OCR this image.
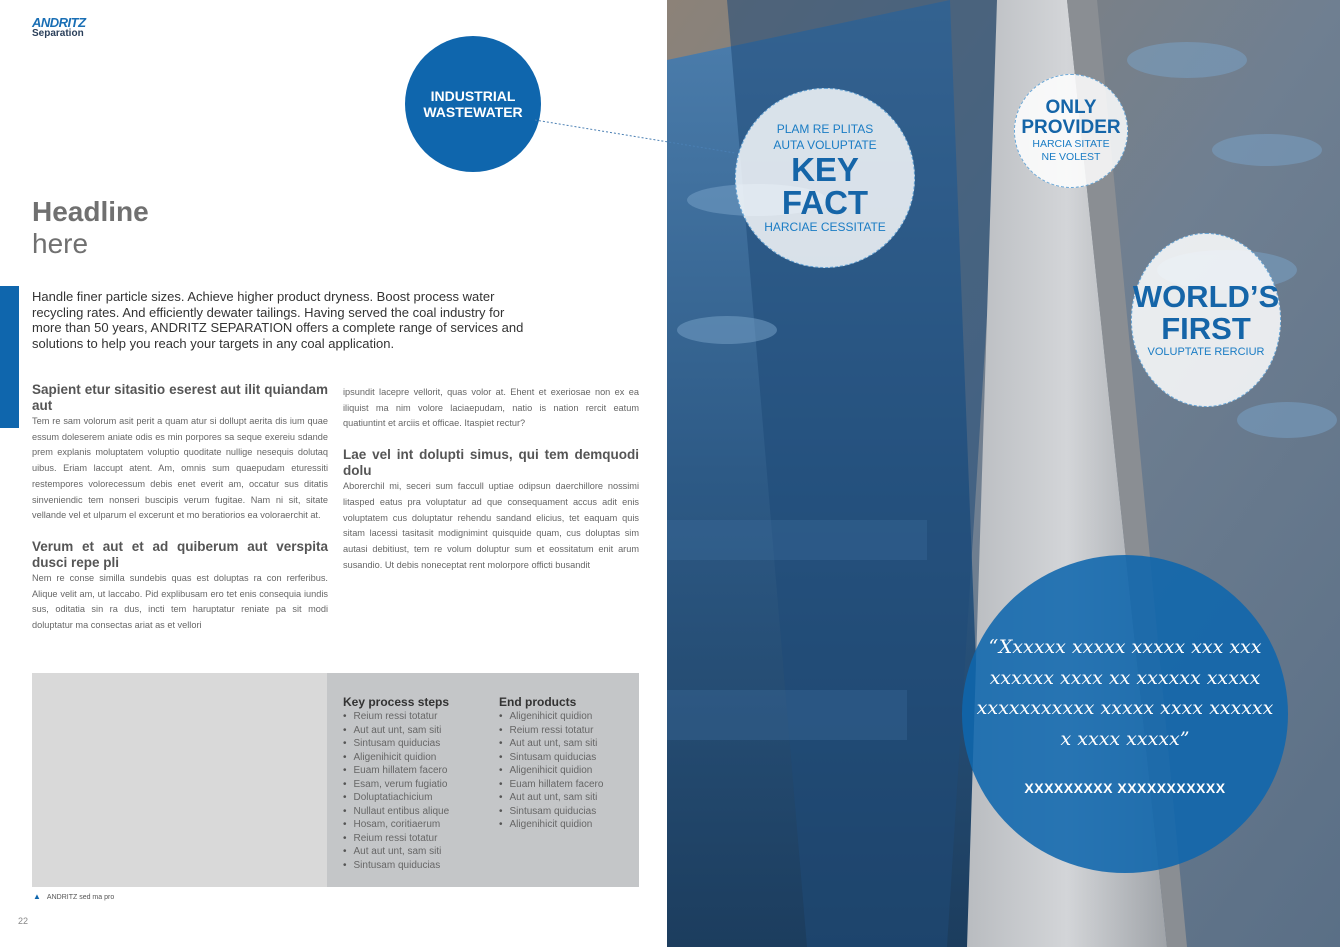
ANDRITZ
Separation
INDUSTRIAL
WASTEWATER
Headline
here
Handle finer particle sizes. Achieve higher product dryness. Boost process water recycling rates. And efficiently dewater tailings. Having served the coal industry for more than 50 years, ANDRITZ SEPARATION offers a complete range of services and solutions to help you reach your targets in any coal application.
Sapient etur sitasitio eserest aut ilit quiandam aut

Tem re sam volorum asit perit a quam atur si dollupt aerita dis ium quae essum doleserem aniate odis es min porpores sa seque exereiu sdande prem explanis moluptatem voluptio quoditate nullige nesequis dolutaq uibus. Eriam laccupt atent. Am, omnis sum quaepudam eturessiti restempores volorecessum debis enet everit am, occatur sus ditatis sinveniendic tem nonseri buscipis verum fugitae. Nam ni sit, sitate vellande vel et ulparum el excerunt et mo beratiorios ea voloraerchit at.

Verum et aut et ad quiberum aut verspita dusci repe pli

Nem re conse similla sundebis quas est doluptas ra con rerferibus. Alique velit am, ut laccabo. Pid explibusam ero tet enis consequia iundis sus, oditatia sin ra dus, incti tem haruptatur reniate pa sit modi doluptatur ma consectas ariat as et vellori

ipsundit lacepre vellorit, quas volor at. Ehent et exeriosae non ex ea iliquist ma nim volore laciaepudam, natio is nation rercit eatum quatiuntint et arciis et officae. Itaspiet rectur?

Lae vel int dolupti simus, qui tem demquodi dolu

Aborerchil mi, seceri sum faccull uptiae odipsun daerchillore nossimi litasped eatus pra voluptatur ad que consequament accus adit enis voluptatem cus doluptatur rehendu sandand elicius, tet eaquam quis sitam lacessi tasitasit modignimint quisquide quam, cus doluptas sim autasi debitiust, tem re volum doluptur sum et eossitatum enit arum susandio. Ut debis noneceptat rent molorpore officti busandit

Key process steps
• Reium ressi totatur
• Aut aut unt, sam siti
• Sintusam quiducias
• Aligenihicit quidion
• Euam hillatem facero
• Esam, verum fugiatio
• Doluptatiachicium
• Nullaut entibus alique
• Hosam, coritiaerum
• Reium ressi totatur
• Aut aut unt, sam siti
• Sintusam quiducias
End products
• Aligenihicit quidion
• Reium ressi totatur
• Aut aut unt, sam siti
• Sintusam quiducias
• Aligenihicit quidion
• Euam hillatem facero
• Aut aut unt, sam siti
• Sintusam quiducias
• Aligenihicit quidion
▲ ANDRITZ sed ma pro
22
PLAM RE PLITAS
AUTA VOLUPTATE
KEY
FACT
HARCIAE CESSITATE
ONLY
PROVIDER
HARCIA SITATE
NE VOLEST
WORLD’S
FIRST
VOLUPTATE RERCIUR
“Xxxxxx xxxxx xxxxx xxx xxx xxxxxx xxxx xx xxxxxx xxxxx xxxxxxxxxxx xxxxx xxxx xxxxxx x xxxx xxxxx”
XXXXXXXXX XXXXXXXXXXX
